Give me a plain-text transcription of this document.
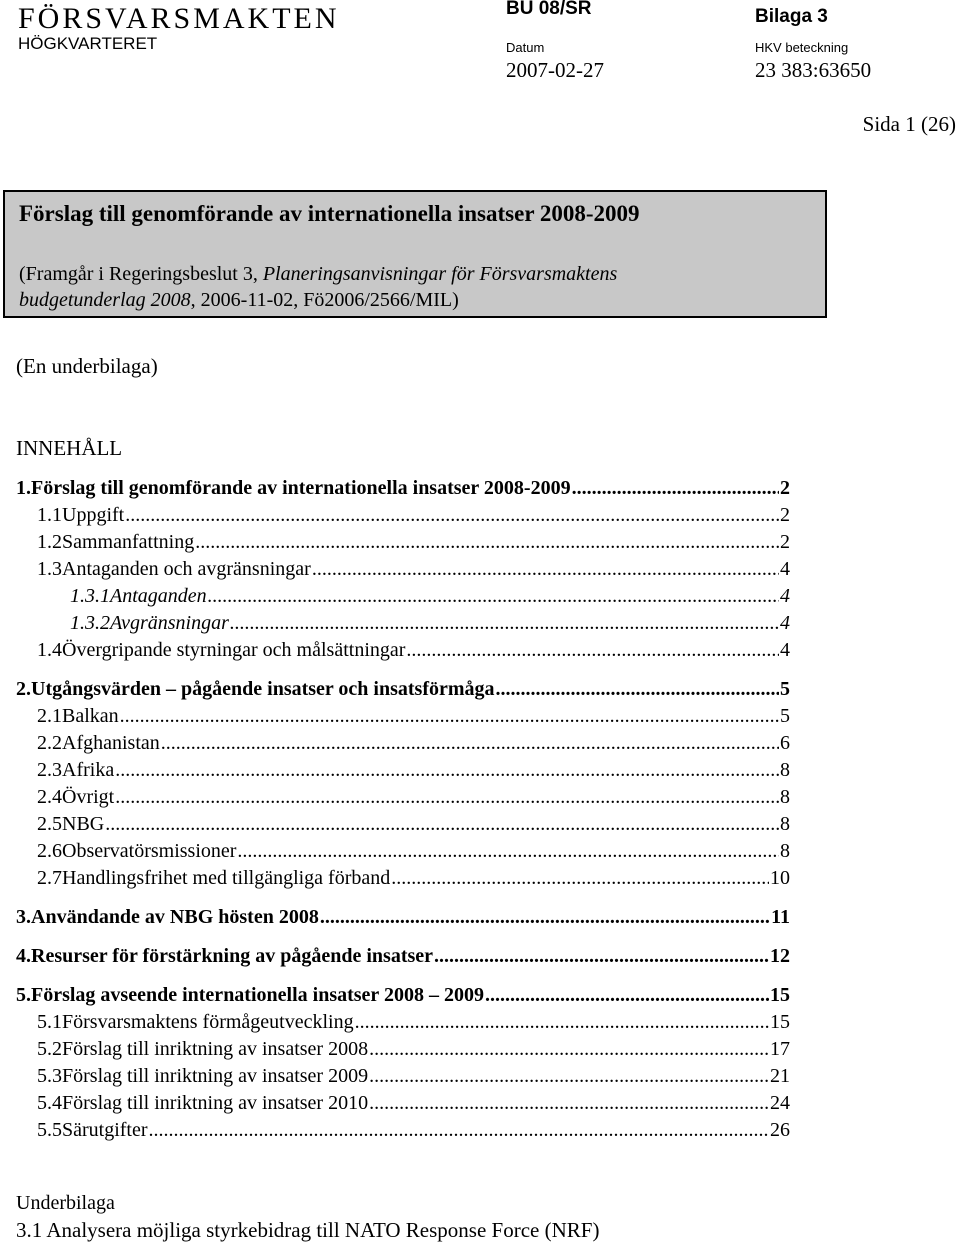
FÖRSVARSMAKTEN
HÖGKVARTERET
BU 08/SR	Bilaga 3
Datum	HKV beteckning
2007-02-27	23 383:63650
Sida 1 (26)
Förslag till genomförande av internationella insatser 2008-2009
(Framgår i Regeringsbeslut 3, Planeringsanvisningar för Försvarsmaktens
budgetunderlag 2008, 2006-11-02, Fö2006/2566/MIL)
(En underbilaga)
INNEHÅLL
1. Förslag till genomförande av internationella insatser 2008-2009 .....	2
1.1 Uppgift .....	2
1.2 Sammanfattning .....	2
1.3 Antaganden och avgränsningar .....	4
1.3.1 Antaganden .....	4
1.3.2 Avgränsningar .....	4
1.4 Övergripande styrningar och målsättningar .....	4
2. Utgångsvärden – pågående insatser och insatsförmåga .....	5
2.1 Balkan .....	5
2.2 Afghanistan .....	6
2.3 Afrika .....	8
2.4 Övrigt .....	8
2.5 NBG .....	8
2.6 Observatörsmissioner .....	8
2.7 Handlingsfrihet med tillgängliga förband .....	10
3. Användande av NBG hösten 2008 .....	11
4. Resurser för förstärkning av pågående insatser .....	12
5. Förslag avseende internationella insatser 2008 – 2009 .....	15
5.1 Försvarsmaktens förmågeutveckling .....	15
5.2 Förslag till inriktning av insatser 2008 .....	17
5.3 Förslag till inriktning av insatser 2009 .....	21
5.4 Förslag till inriktning av insatser 2010 .....	24
5.5 Särutgifter .....	26
Underbilaga
3.1 Analysera möjliga styrkebidrag till NATO Response Force (NRF)
